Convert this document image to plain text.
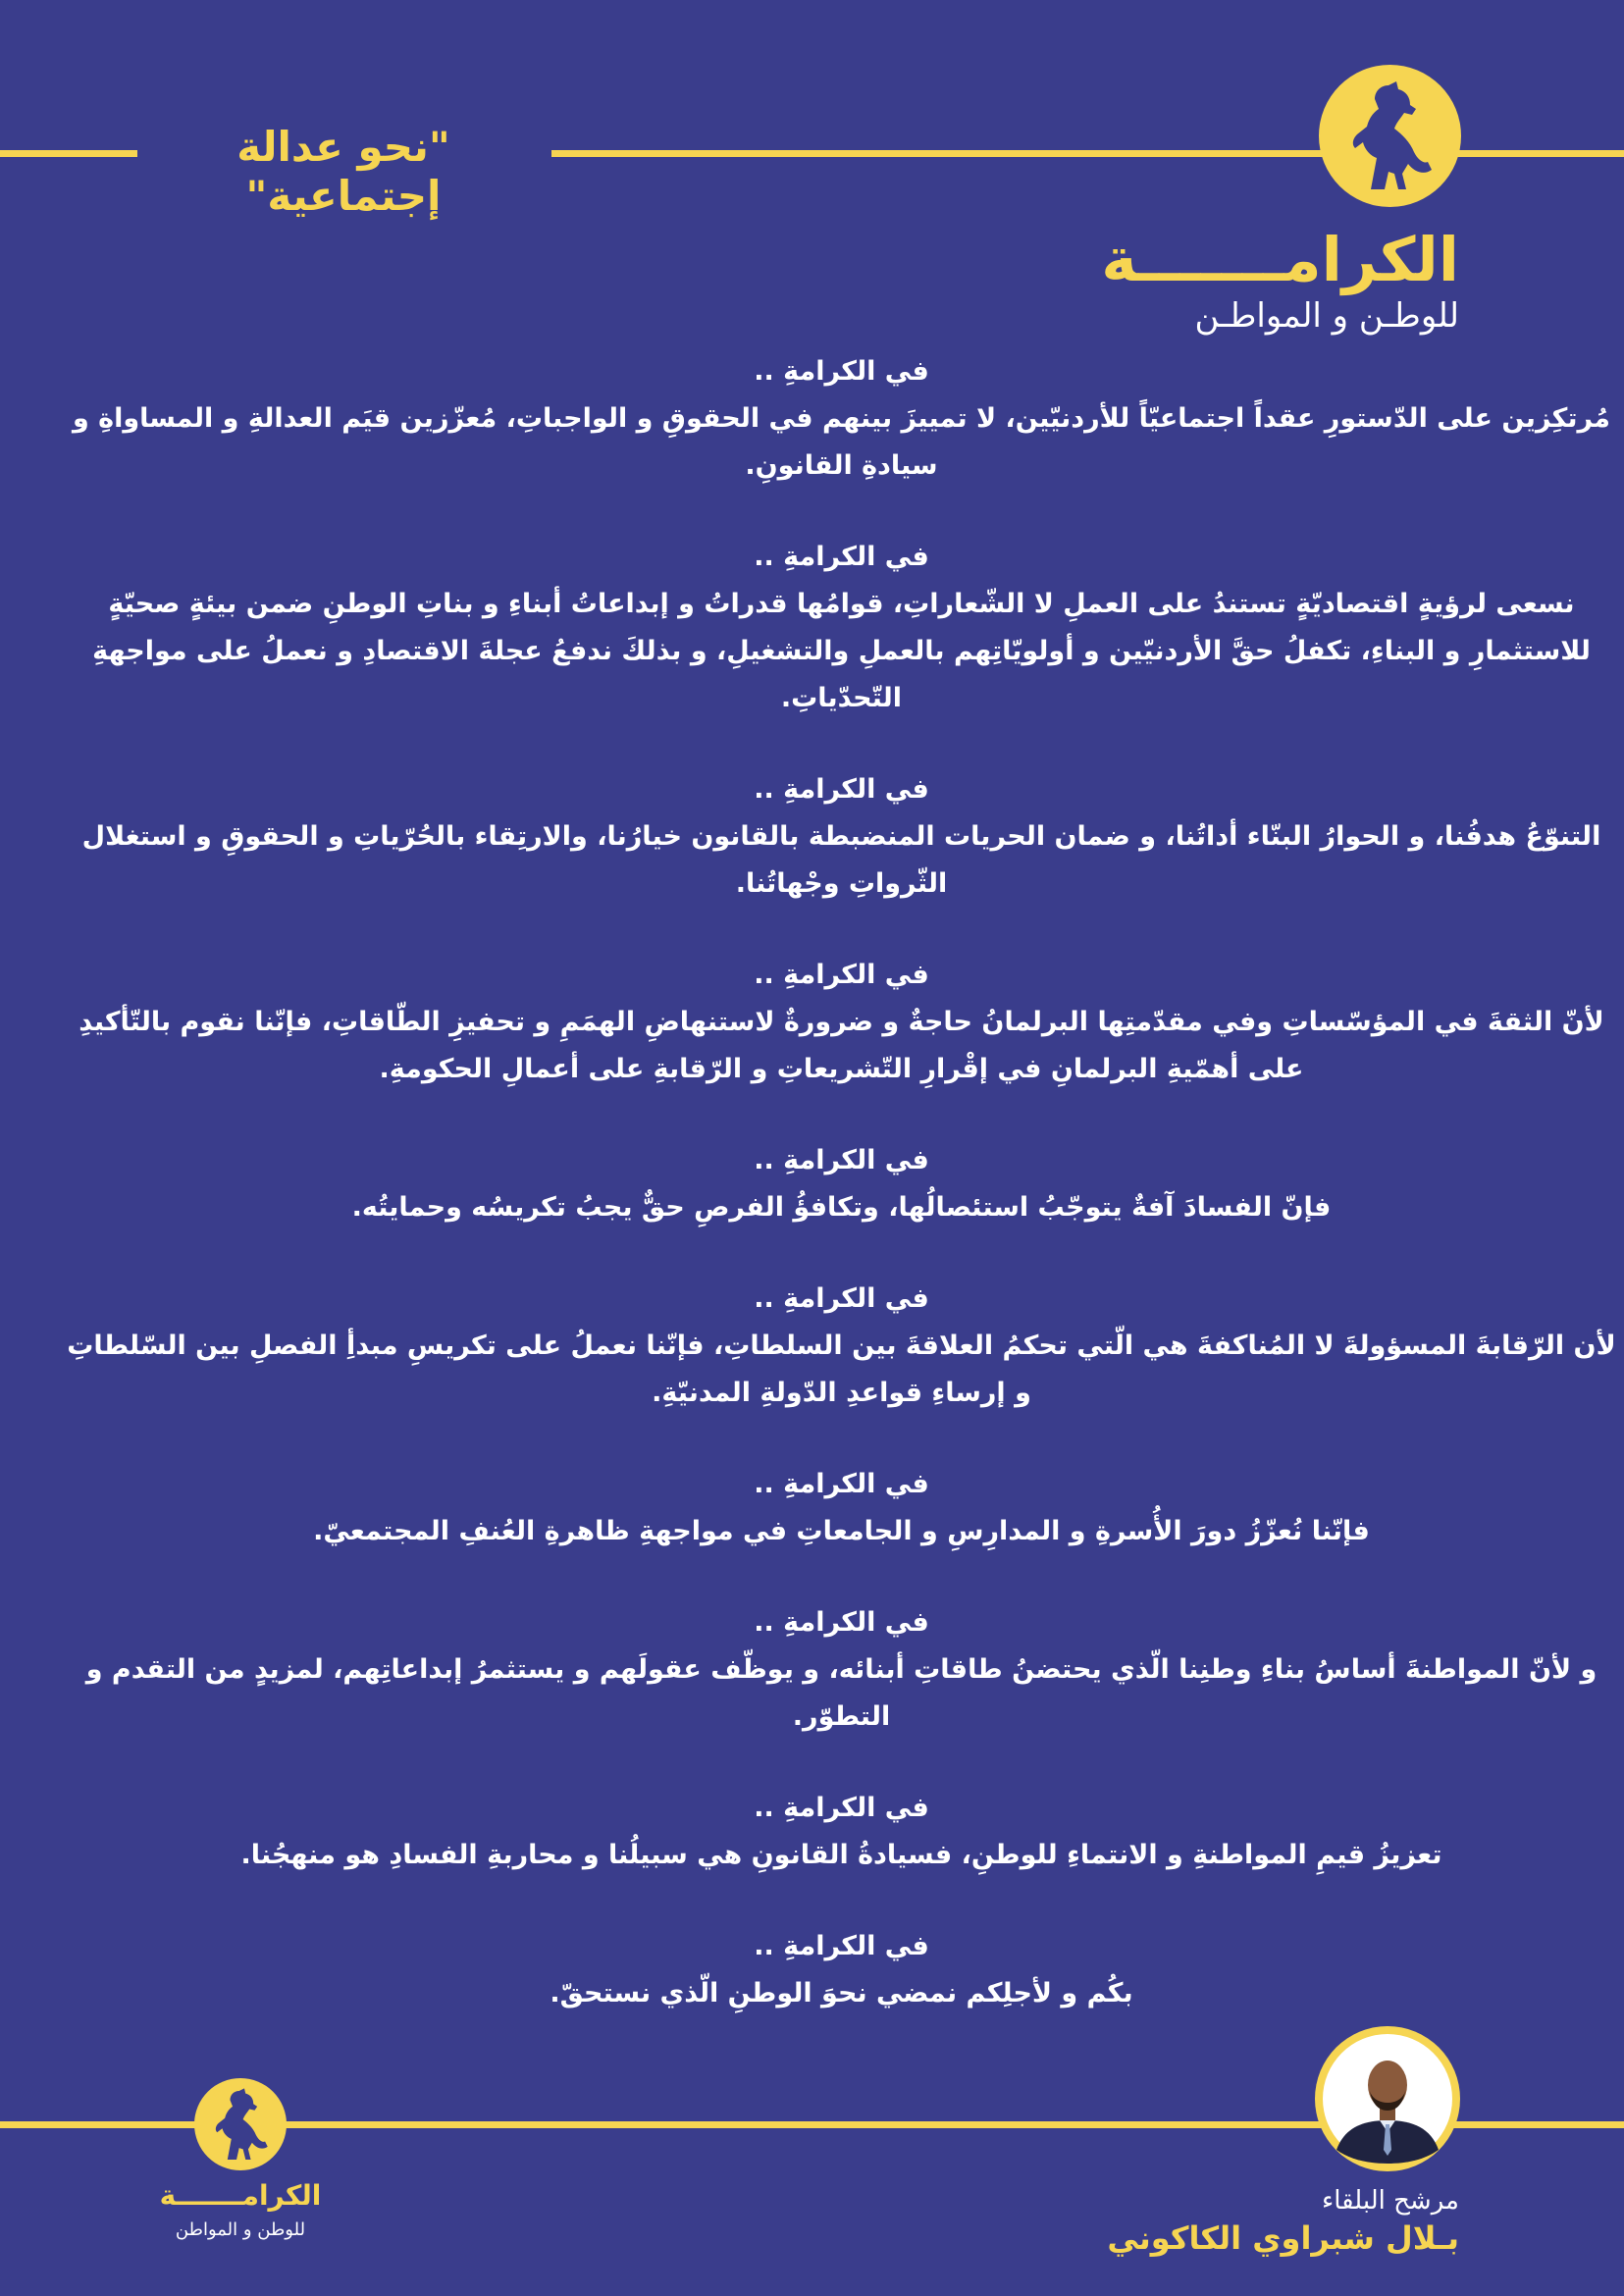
"نحو عدالة إجتماعية"
الكرامـــــــة
للوطـن و المواطـن
في الكرامةِ ..
مُرتكِزين على الدّستورِ عقداً اجتماعيّاً للأردنيّين، لا تمييزَ بينهم في الحقوقِ و الواجباتِ، مُعزّزين قيَم العدالةِ و المساواةِ و سيادةِ القانونِ.
في الكرامةِ ..
نسعى لرؤيةٍ اقتصاديّةٍ تستندُ على العملِ لا الشّعاراتِ، قوامُها قدراتُ و إبداعاتُ أبناءِ و بناتِ الوطنِ ضمن بيئةٍ صحيّةٍ للاستثمارِ و البناءِ، تكفلُ حقَّ الأردنيّين و أولويّاتِهم بالعملِ والتشغيلِ، و بذلكَ ندفعُ عجلةَ الاقتصادِ و نعملُ على مواجهةِ التّحدّياتِ.
في الكرامةِ ..
التنوّعُ هدفُنا، و الحوارُ البنّاء أداتُنا، و ضمان الحريات المنضبطة بالقانون خيارُنا، والارتِقاء بالحُرّياتِ و الحقوقِ و استغلال الثّرواتِ وجْهاتُنا.
في الكرامةِ ..
لأنّ الثقةَ في المؤسّساتِ وفي مقدّمتِها البرلمانُ حاجةٌ و ضرورةٌ لاستنهاضِ الهمَمِ و تحفيزِ الطّاقاتِ، فإنّنا نقوم بالتّأكيدِ على أهمّيةِ البرلمانِ في إقْرارِ التّشريعاتِ و الرّقابةِ على أعمالِ الحكومةِ.
في الكرامةِ ..
فإنّ الفسادَ آفةٌ يتوجّبُ استئصالُها، وتكافؤُ الفرصِ حقٌّ يجبُ تكريسُه وحمايتُه.
في الكرامةِ ..
لأن الرّقابةَ المسؤولةَ لا المُناكفةَ هي الّتي تحكمُ العلاقةَ بين السلطاتِ، فإنّنا نعملُ على تكريسِ مبدأِ الفصلِ بين السّلطاتِ و إرساءِ قواعدِ الدّولةِ المدنيّةِ.
في الكرامةِ ..
فإنّنا نُعزّزُ دورَ الأُسرةِ و المدارِسِ و الجامعاتِ في مواجهةِ ظاهرةِ العُنفِ المجتمعيّ.
في الكرامةِ ..
و لأنّ المواطنةَ أساسُ بناءِ وطنِنا الّذي يحتضنُ طاقاتِ أبنائه، و يوظّف عقولَهم و يستثمرُ إبداعاتِهم، لمزيدٍ من التقدم و التطوّر.
في الكرامةِ ..
تعزيزُ قيمِ المواطنةِ و الانتماءِ للوطنِ، فسيادةُ القانونِ هي سبيلُنا و محاربةِ الفسادِ هو منهجُنا.
في الكرامةِ ..
بكُم و لأجلِكم نمضي نحوَ الوطنِ الّذي نستحقّ.
مرشح البلقاء
بـلال شبراوي الكاكوني
الكرامـــــــة
للوطن و المواطن
